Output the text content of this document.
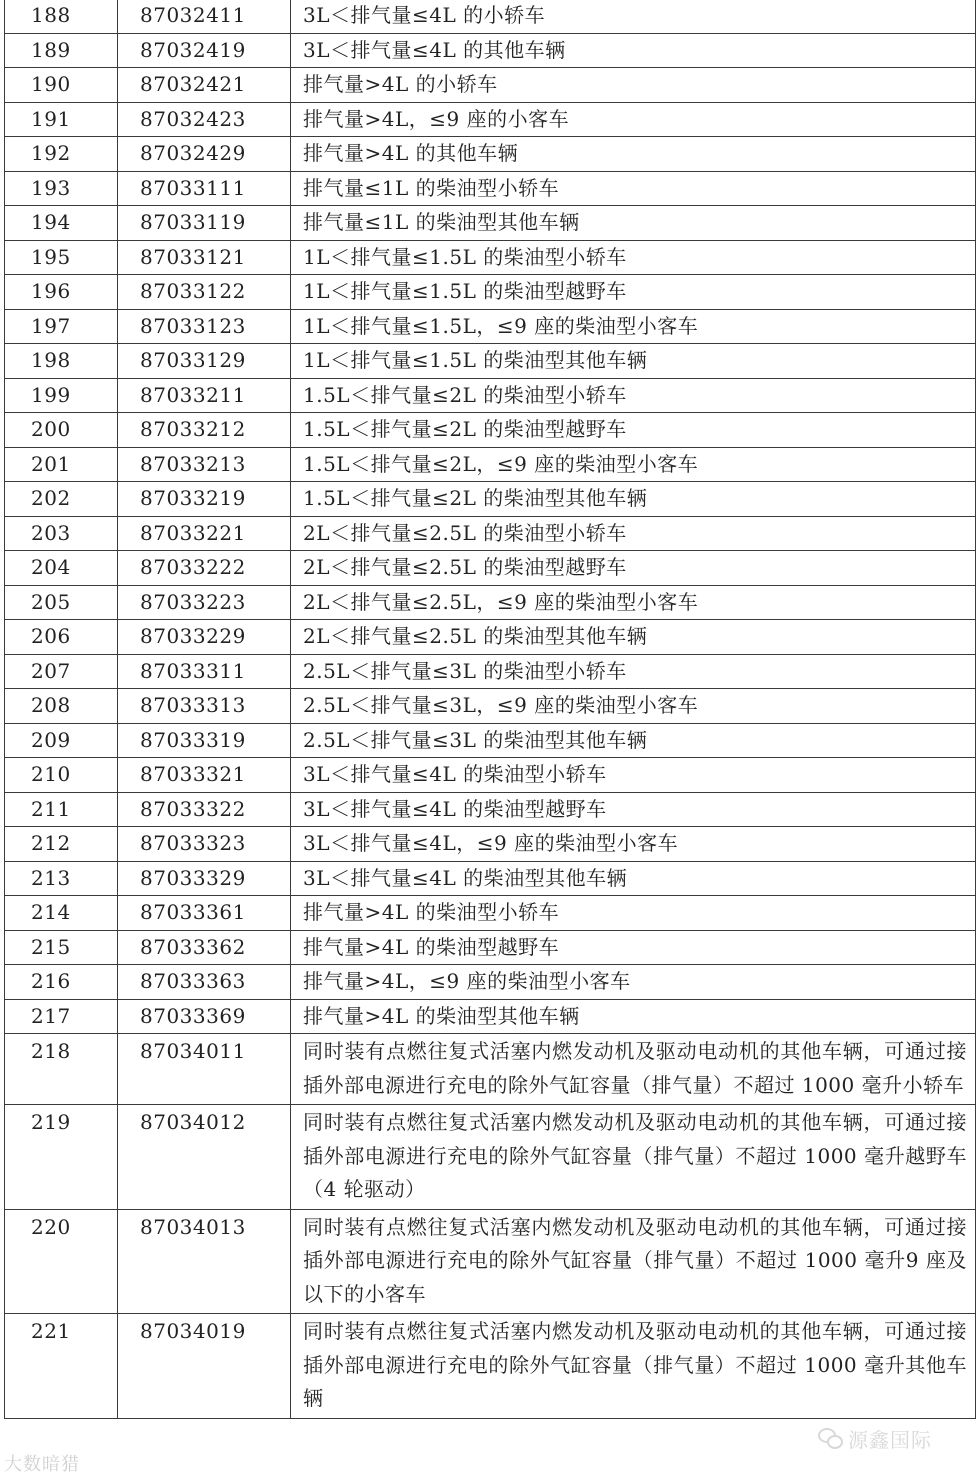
188	87032411	3L＜排气量≤4L 的小轿车
189	87032419	3L＜排气量≤4L 的其他车辆
190	87032421	排气量>4L 的小轿车
191	87032423	排气量>4L，≤9 座的小客车
192	87032429	排气量>4L 的其他车辆
193	87033111	排气量≤1L 的柴油型小轿车
194	87033119	排气量≤1L 的柴油型其他车辆
195	87033121	1L＜排气量≤1.5L 的柴油型小轿车
196	87033122	1L＜排气量≤1.5L 的柴油型越野车
197	87033123	1L＜排气量≤1.5L，≤9 座的柴油型小客车
198	87033129	1L＜排气量≤1.5L 的柴油型其他车辆
199	87033211	1.5L＜排气量≤2L 的柴油型小轿车
200	87033212	1.5L＜排气量≤2L 的柴油型越野车
201	87033213	1.5L＜排气量≤2L，≤9 座的柴油型小客车
202	87033219	1.5L＜排气量≤2L 的柴油型其他车辆
203	87033221	2L＜排气量≤2.5L 的柴油型小轿车
204	87033222	2L＜排气量≤2.5L 的柴油型越野车
205	87033223	2L＜排气量≤2.5L，≤9 座的柴油型小客车
206	87033229	2L＜排气量≤2.5L 的柴油型其他车辆
207	87033311	2.5L＜排气量≤3L 的柴油型小轿车
208	87033313	2.5L＜排气量≤3L，≤9 座的柴油型小客车
209	87033319	2.5L＜排气量≤3L 的柴油型其他车辆
210	87033321	3L＜排气量≤4L 的柴油型小轿车
211	87033322	3L＜排气量≤4L 的柴油型越野车
212	87033323	3L＜排气量≤4L，≤9 座的柴油型小客车
213	87033329	3L＜排气量≤4L 的柴油型其他车辆
214	87033361	排气量>4L 的柴油型小轿车
215	87033362	排气量>4L 的柴油型越野车
216	87033363	排气量>4L，≤9 座的柴油型小客车
217	87033369	排气量>4L 的柴油型其他车辆
218	87034011	同时装有点燃往复式活塞内燃发动机及驱动电动机的其他车辆，可通过接插外部电源进行充电的除外气缸容量（排气量）不超过 1000 毫升小轿车
219	87034012	同时装有点燃往复式活塞内燃发动机及驱动电动机的其他车辆，可通过接插外部电源进行充电的除外气缸容量（排气量）不超过 1000 毫升越野车（4 轮驱动）
220	87034013	同时装有点燃往复式活塞内燃发动机及驱动电动机的其他车辆，可通过接插外部电源进行充电的除外气缸容量（排气量）不超过 1000 毫升9 座及以下的小客车
221	87034019	同时装有点燃往复式活塞内燃发动机及驱动电动机的其他车辆，可通过接插外部电源进行充电的除外气缸容量（排气量）不超过 1000 毫升其他车辆
大数暗猎
源鑫国际
